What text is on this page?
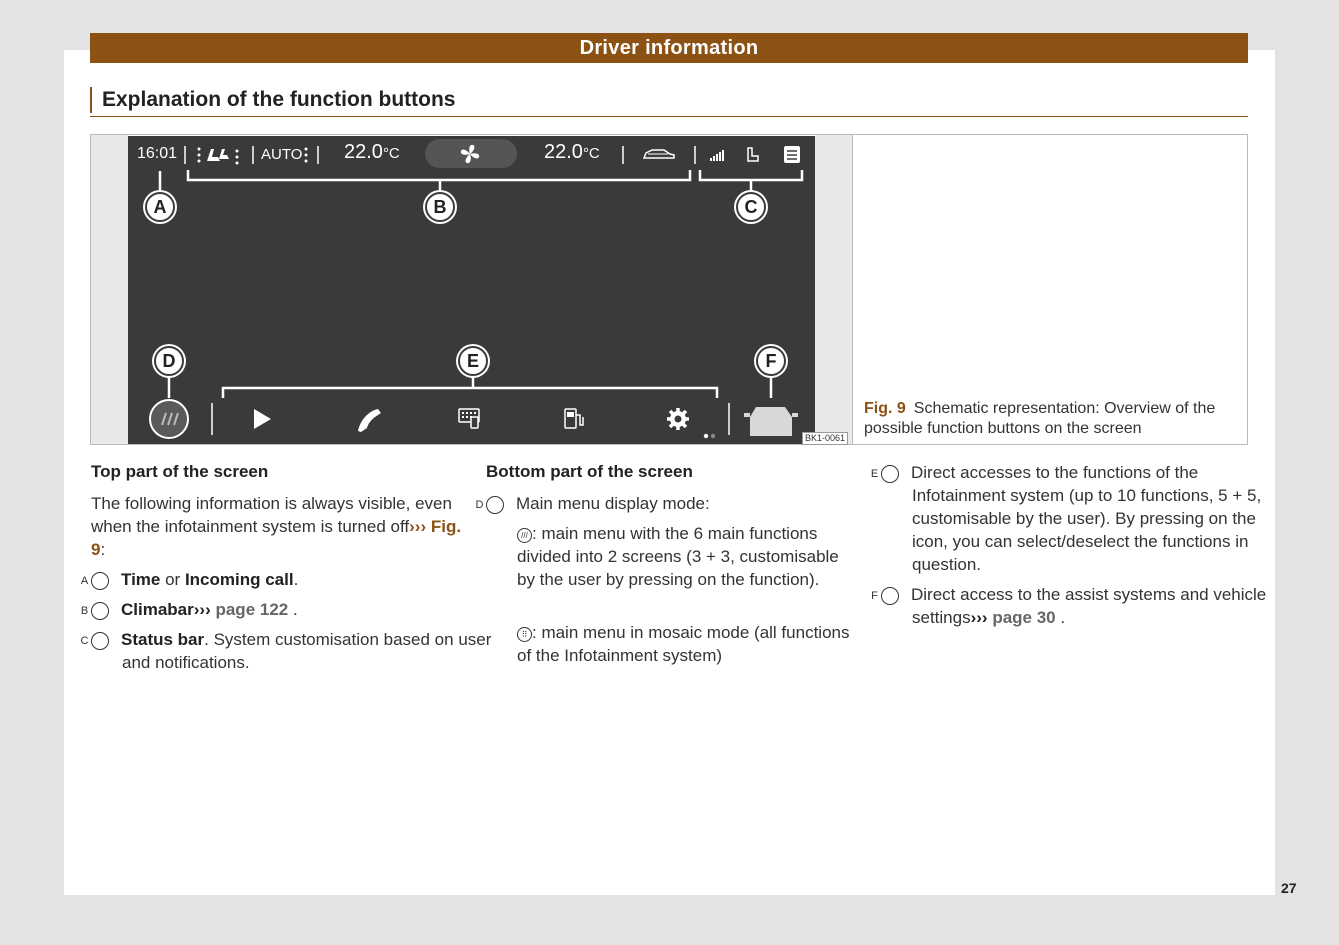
Driver information
Explanation of the function buttons
16:01	AUTO 22.0°C	22.0°C
A	B	C
D	E	F
BK1-0061
Fig. 9 Schematic representation: Overview of the possible function buttons on the screen
Top part of the screen
The following information is always visible, even when the infotainment system is turned off››› Fig. 9:
A Time or Incoming call.
B Climabar››› page 122 .
C Status bar. System customisation based on user and notifications.
Bottom part of the screen
D Main menu display mode:
/// : main menu with the 6 main functions divided into 2 screens (3 + 3, customisable by the user by pressing on the function).
⠿ : main menu in mosaic mode (all functions of the Infotainment system)
E Direct accesses to the functions of the Infotainment system (up to 10 functions, 5 + 5, customisable by the user). By pressing on the icon, you can select/deselect the functions in question.
F Direct access to the assist systems and vehicle settings››› page 30 .
27
